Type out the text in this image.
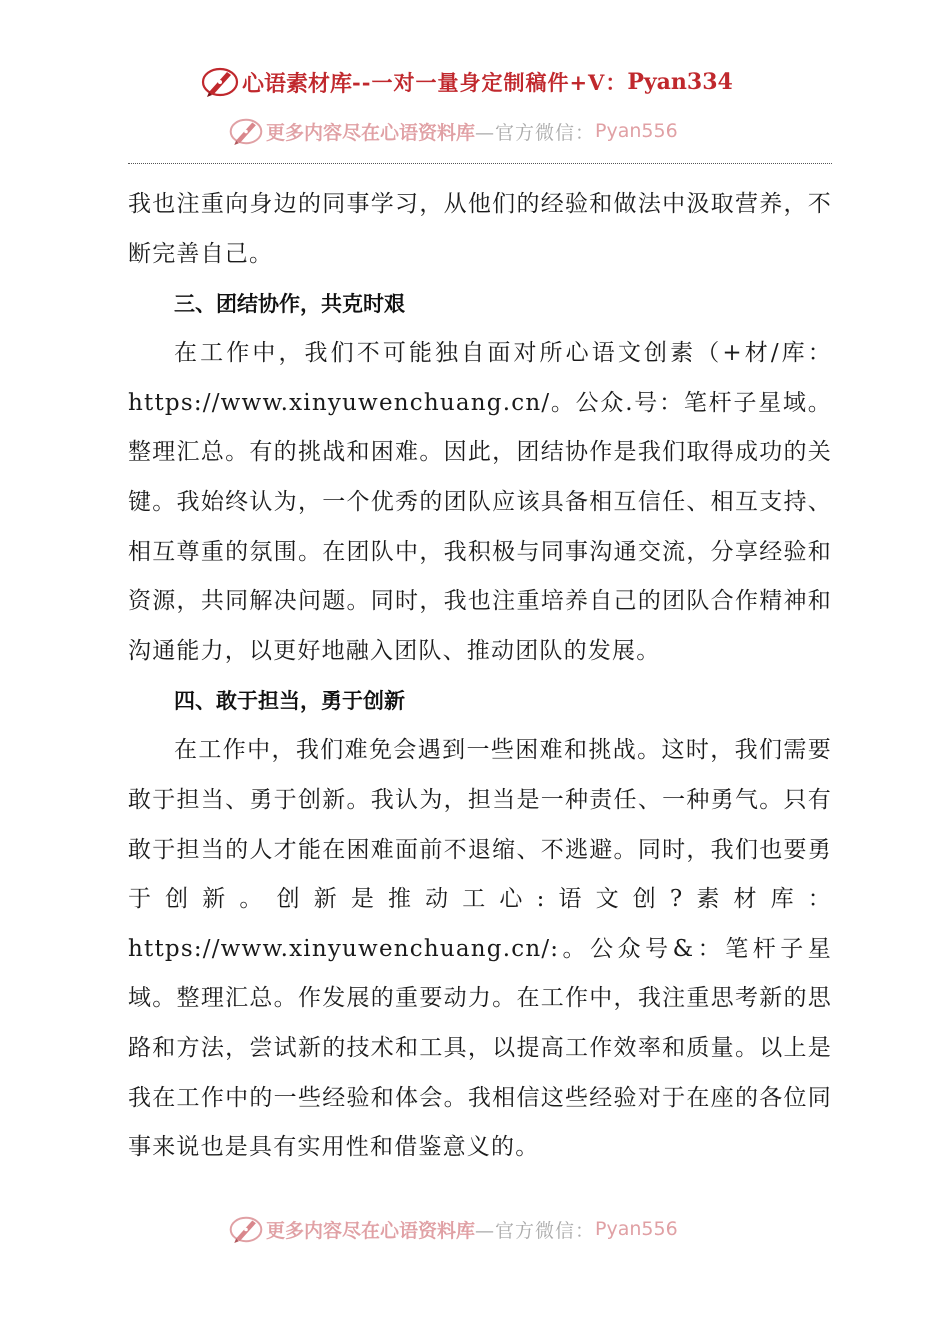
心语素材库 --一对一量身定制稿件+V： Pyan334
更多内容尽在心语资料库 —官方微信： Pyan556

我也注重向身边的同事学习，从他们的经验和做法中汲取营养，不断完善自己。

三、团结协作，共克时艰

在工作中，我们不可能独自面对所心语文创素（+材/库：https://www.xinyuwenchuang.cn/。公众.号：笔杆子星域。整理汇总。有的挑战和困难。因此，团结协作是我们取得成功的关键。我始终认为，一个优秀的团队应该具备相互信任、相互支持、相互尊重的氛围。在团队中，我积极与同事沟通交流，分享经验和资源，共同解决问题。同时，我也注重培养自己的团队合作精神和沟通能力，以更好地融入团队、推动团队的发展。

四、敢于担当，勇于创新

在工作中，我们难免会遇到一些困难和挑战。这时，我们需要敢于担当、勇于创新。我认为，担当是一种责任、一种勇气。只有敢于担当的人才能在困难面前不退缩、不逃避。同时，我们也要勇于创新。创新是推动工心:语文创?素材库：https://www.xinyuwenchuang.cn/:。公众号&：笔杆子星域。整理汇总。作发展的重要动力。在工作中，我注重思考新的思路和方法，尝试新的技术和工具，以提高工作效率和质量。以上是我在工作中的一些经验和体会。我相信这些经验对于在座的各位同事来说也是具有实用性和借鉴意义的。

更多内容尽在心语资料库 —官方微信： Pyan556
